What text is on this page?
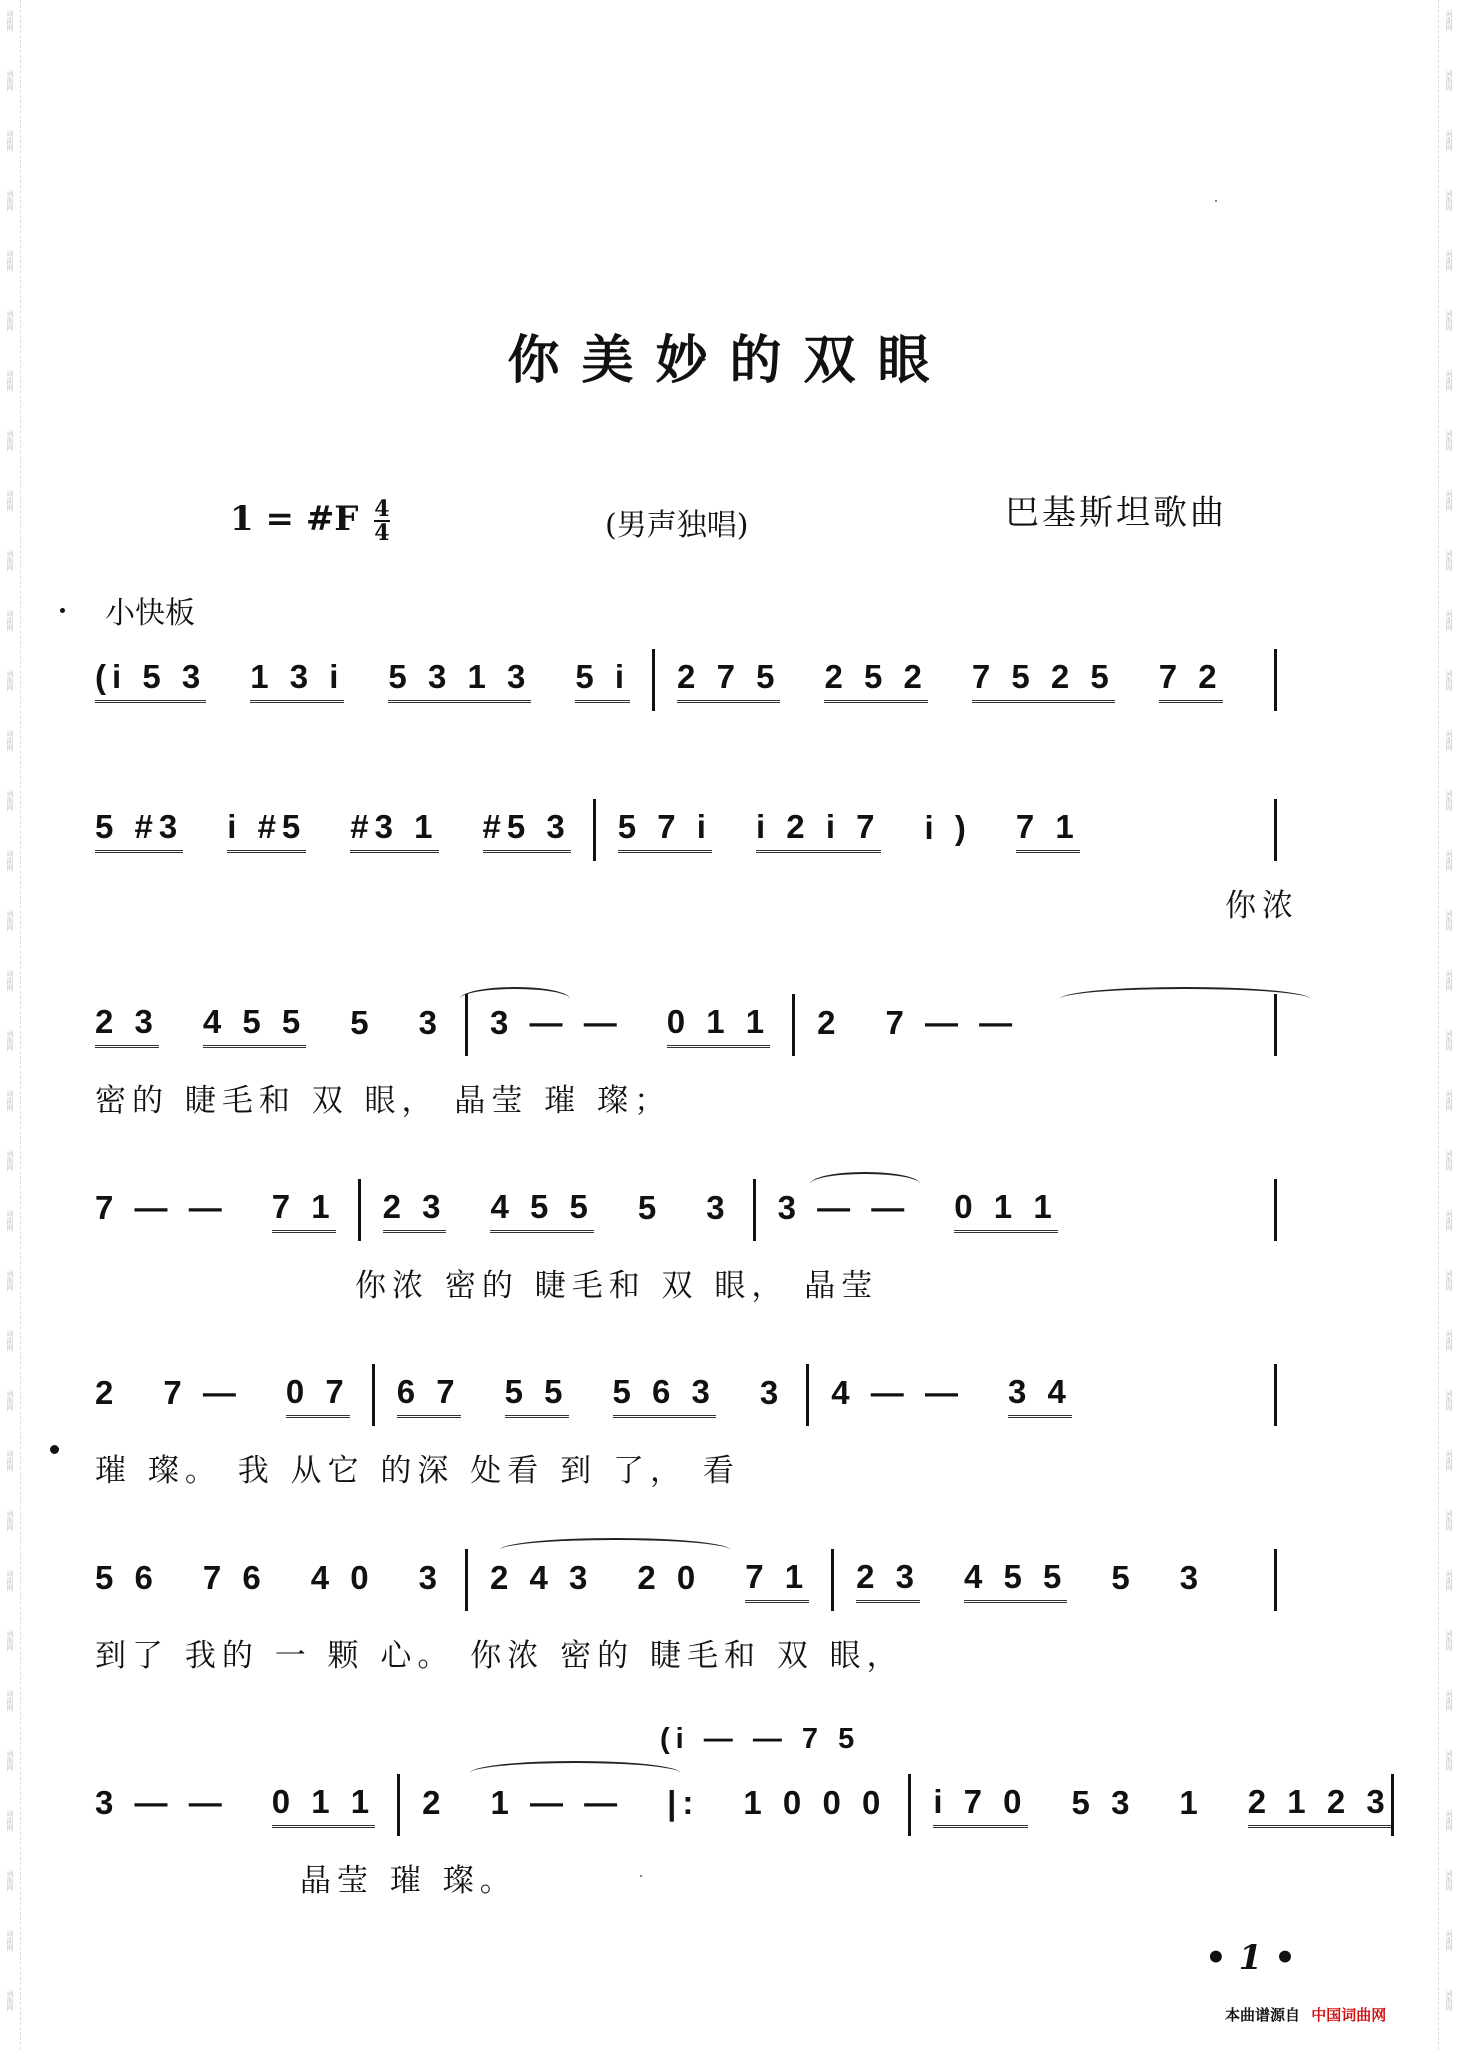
词曲网
词曲网
词曲网
词曲网
词曲网
词曲网
词曲网
词曲网
词曲网
词曲网
词曲网
词曲网
词曲网
词曲网
词曲网
词曲网
词曲网
词曲网
词曲网
词曲网
词曲网
词曲网
词曲网
词曲网
词曲网
词曲网
词曲网
词曲网
词曲网
词曲网
词曲网
词曲网
词曲网
词曲网
词曲网
词曲网
词曲网
词曲网
词曲网
词曲网
词曲网
词曲网
词曲网
词曲网
词曲网
词曲网
词曲网
词曲网
词曲网
词曲网
词曲网
词曲网
词曲网
词曲网
词曲网
词曲网
词曲网
词曲网
词曲网
词曲网
词曲网
词曲网
词曲网
词曲网
词曲网
词曲网
词曲网
词曲网
你美妙的双眼
1 = #F $\frac{4}{4}$	(男声独唱)	巴基斯坦歌曲
小快板
(i 5 3 1 3 i 5 3 1 3 5 i 2 7 5 2 5 2 7 5 2 5 7 2
5 #3 i #5 #3 1 #5 3 5 7 i i 2 i 7 i ) 7 1
你浓
2 3 4 5 5 5 3 3 — — 0 1 1 2 7 — —
密的 睫毛和 双 眼， 晶莹 璀 璨；
7 — — 7 1 2 3 4 5 5 5 3 3 — — 0 1 1
你浓 密的 睫毛和 双 眼， 晶莹
2 7 — 0 7 6 7 5 5 5 6 3 3 4 — — 3 4
璀 璨。 我 从它 的深 处看 到 了， 看
5 6 7 6 4 0 3 2 4 3 2 0 7 1 2 3 4 5 5 5 3
到了 我的 一 颗 心。 你浓 密的 睫毛和 双 眼，
(i — — 7 5
3 — — 0 1 1 2 1 — — |: 1 0 0 0 i 7 0 5 3 1 2 1 2 3
晶莹 璀 璨。
• 1 •
本曲谱源自 中国词曲网
